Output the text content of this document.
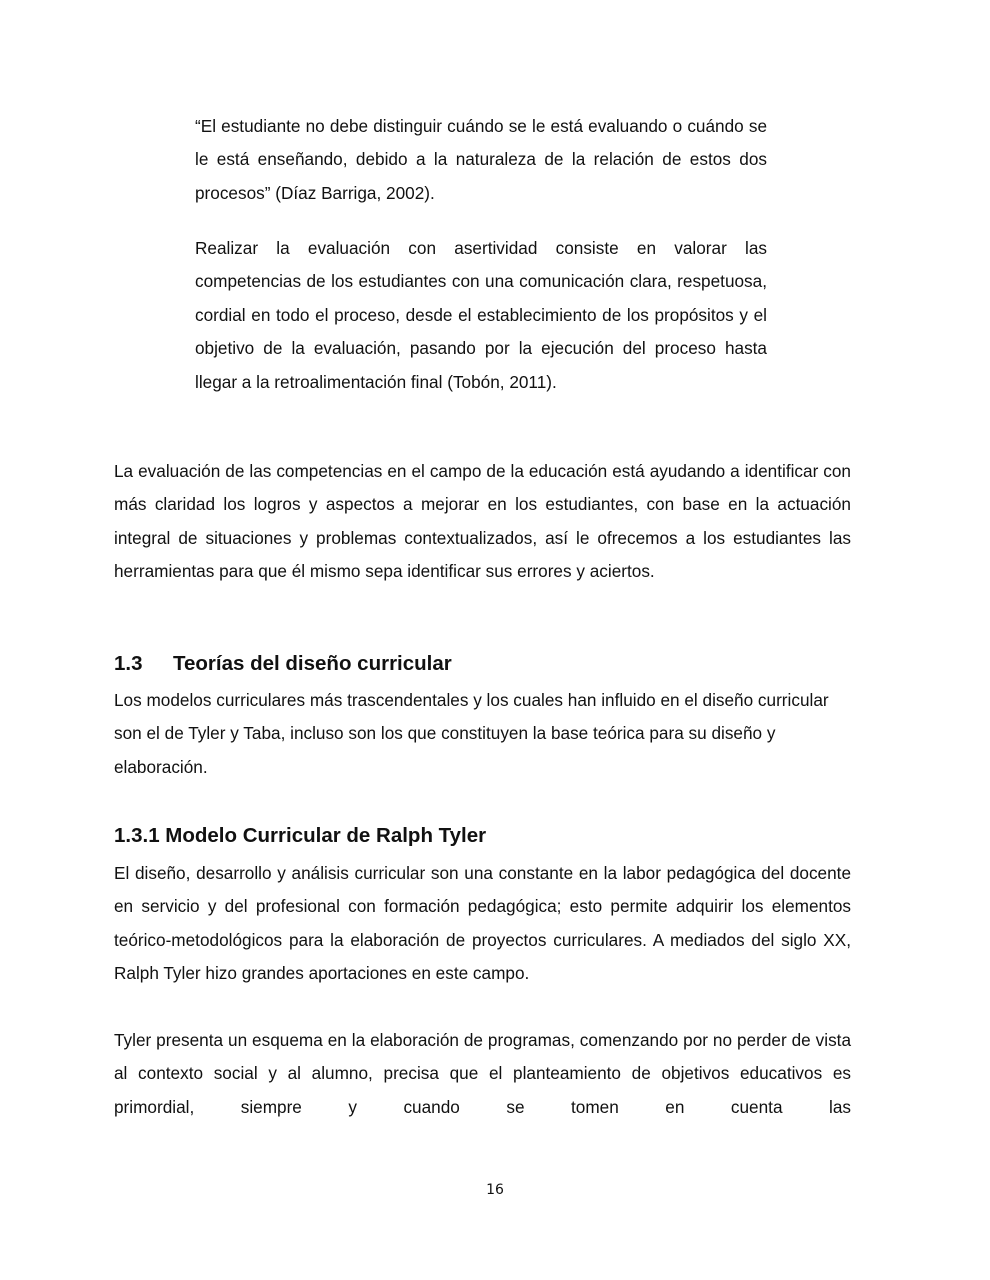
“El estudiante no debe distinguir cuándo se le está evaluando o cuándo se le está enseñando, debido a la naturaleza de la relación de estos dos procesos” (Díaz Barriga, 2002).

Realizar la evaluación con asertividad consiste en valorar las competencias de los estudiantes con una comunicación clara, respetuosa, cordial en todo el proceso, desde el establecimiento de los propósitos y el objetivo de la evaluación, pasando por la ejecución del proceso hasta llegar a la retroalimentación final (Tobón, 2011).

La evaluación de las competencias en el campo de la educación está ayudando a identificar con más claridad los logros y aspectos a mejorar en los estudiantes, con base en la actuación integral de situaciones y problemas contextualizados, así le ofrecemos a los estudiantes las herramientas para que él mismo sepa identificar sus errores y aciertos.

1.3 Teorías del diseño curricular

Los modelos curriculares más trascendentales y los cuales han influido en el diseño curricular son el de Tyler y Taba, incluso son los que constituyen la base teórica para su diseño y elaboración.

1.3.1 Modelo Curricular de Ralph Tyler

El diseño, desarrollo y análisis curricular son una constante en la labor pedagógica del docente en servicio y del profesional con formación pedagógica; esto permite adquirir los elementos teórico-metodológicos para la elaboración de proyectos curriculares. A mediados del siglo XX, Ralph Tyler hizo grandes aportaciones en este campo.

Tyler presenta un esquema en la elaboración de programas, comenzando por no perder de vista al contexto social y al alumno, precisa que el planteamiento de objetivos educativos es primordial, siempre y cuando se tomen en cuenta las

16
